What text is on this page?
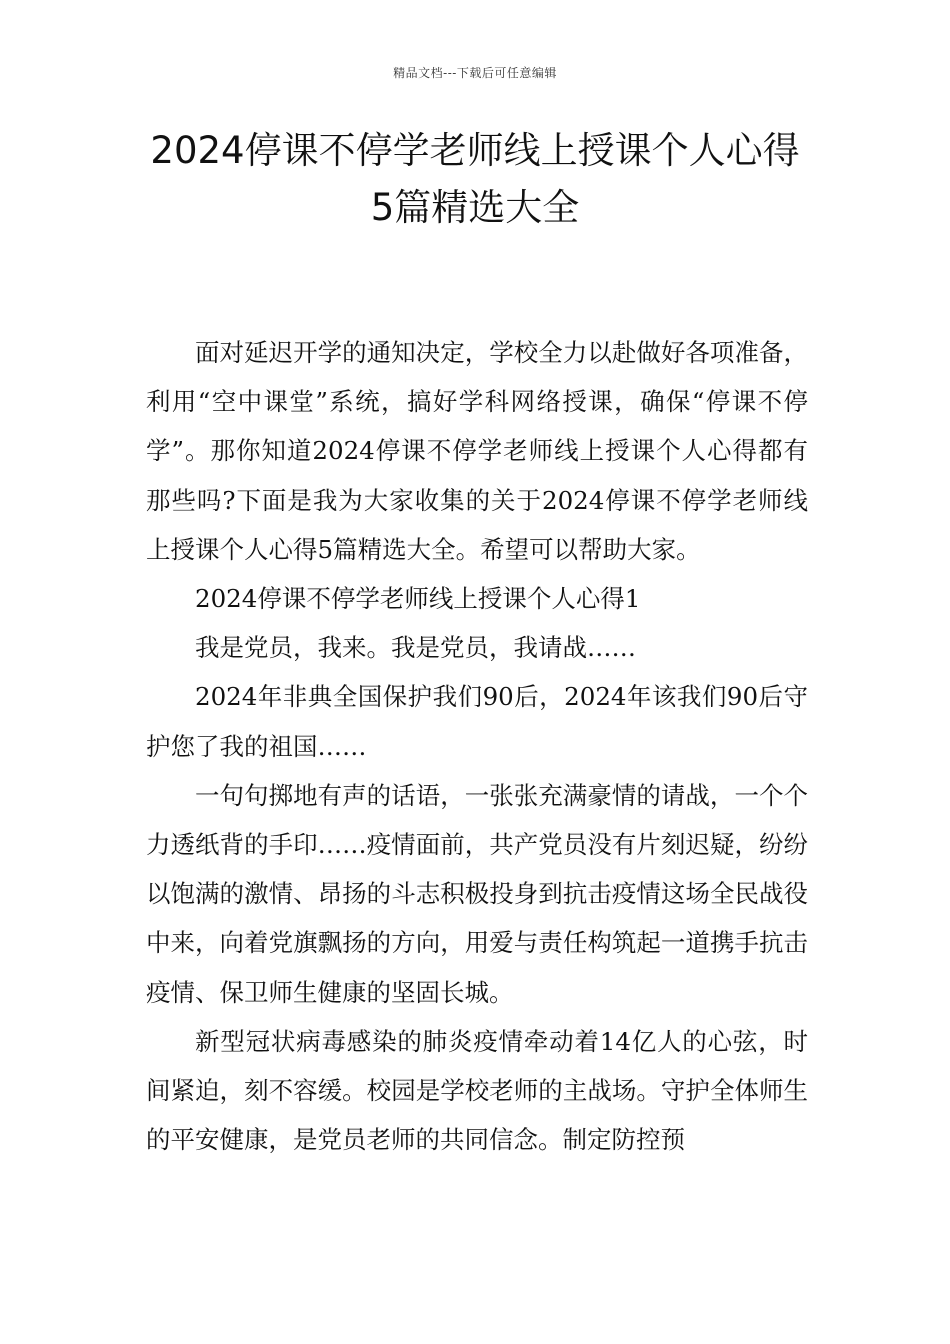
精品文档---下载后可任意编辑
2024停课不停学老师线上授课个人心得
5篇精选大全

面对延迟开学的通知决定，学校全力以赴做好各项准备，利用“空中课堂”系统，搞好学科网络授课，确保“停课不停学”。那你知道2024停课不停学老师线上授课个人心得都有那些吗?下面是我为大家收集的关于2024停课不停学老师线上授课个人心得5篇精选大全。希望可以帮助大家。

2024停课不停学老师线上授课个人心得1

我是党员，我来。我是党员，我请战……

2024年非典全国保护我们90后，2024年该我们90后守护您了我的祖国……

一句句掷地有声的话语，一张张充满豪情的请战，一个个力透纸背的手印……疫情面前，共产党员没有片刻迟疑，纷纷以饱满的激情、昂扬的斗志积极投身到抗击疫情这场全民战役中来，向着党旗飘扬的方向，用爱与责任构筑起一道携手抗击疫情、保卫师生健康的坚固长城。

新型冠状病毒感染的肺炎疫情牵动着14亿人的心弦，时间紧迫，刻不容缓。校园是学校老师的主战场。守护全体师生的平安健康，是党员老师的共同信念。制定防控预
